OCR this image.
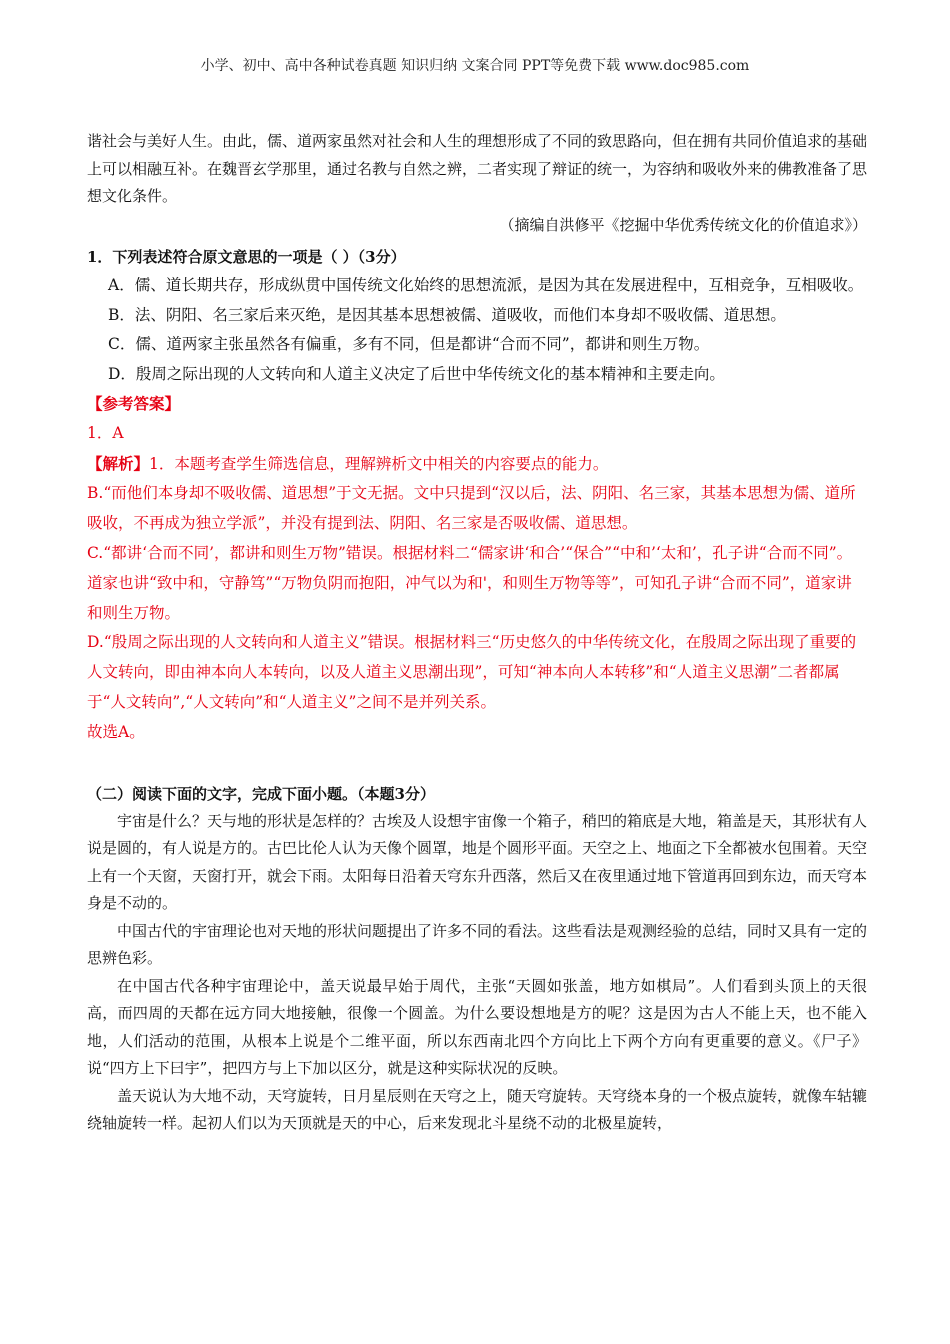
小学、初中、高中各种试卷真题 知识归纳 文案合同 PPT等免费下载 www.doc985.com

谐社会与美好人生。由此，儒、道两家虽然对社会和人生的理想形成了不同的致思路向，但在拥有共同价值追求的基础上可以相融互补。在魏晋玄学那里，通过名教与自然之辨，二者实现了辩证的统一，为容纳和吸收外来的佛教准备了思想文化条件。

（摘编自洪修平《挖掘中华优秀传统文化的价值追求》）

1．下列表述符合原文意思的一项是（ ）（3分）

A．儒、道长期共存，形成纵贯中国传统文化始终的思想流派，是因为其在发展进程中，互相竞争，互相吸收。

B．法、阴阳、名三家后来灭绝，是因其基本思想被儒、道吸收，而他们本身却不吸收儒、道思想。

C．儒、道两家主张虽然各有偏重，多有不同，但是都讲“合而不同”，都讲和则生万物。

D．殷周之际出现的人文转向和人道主义决定了后世中华传统文化的基本精神和主要走向。

【参考答案】

1．A

【解析】1．本题考查学生筛选信息，理解辨析文中相关的内容要点的能力。

B.“而他们本身却不吸收儒、道思想”于文无据。文中只提到“汉以后，法、阴阳、名三家，其基本思想为儒、道所吸收，不再成为独立学派”，并没有提到法、阴阳、名三家是否吸收儒、道思想。

C.“都讲‘合而不同’，都讲和则生万物”错误。根据材料二“儒家讲‘和合’“保合”“中和’‘太和’，孔子讲“合而不同”。道家也讲“致中和，守静笃”“万物负阴而抱阳，冲气以为和'，和则生万物等等”，可知孔子讲“合而不同”，道家讲和则生万物。

D.“殷周之际出现的人文转向和人道主义”错误。根据材料三“历史悠久的中华传统文化，在殷周之际出现了重要的人文转向，即由神本向人本转向，以及人道主义思潮出现”，可知“神本向人本转移”和“人道主义思潮”二者都属于“人文转向”,“人文转向”和“人道主义”之间不是并列关系。

故选A。

（二）阅读下面的文字，完成下面小题。（本题3分）

宇宙是什么？天与地的形状是怎样的？古埃及人设想宇宙像一个箱子，稍凹的箱底是大地，箱盖是天，其形状有人说是圆的，有人说是方的。古巴比伦人认为天像个圆罩，地是个圆形平面。天空之上、地面之下全都被水包围着。天空上有一个天窗，天窗打开，就会下雨。太阳每日沿着天穹东升西落，然后又在夜里通过地下管道再回到东边，而天穹本身是不动的。

中国古代的宇宙理论也对天地的形状问题提出了许多不同的看法。这些看法是观测经验的总结，同时又具有一定的思辨色彩。

在中国古代各种宇宙理论中，盖天说最早始于周代，主张“天圆如张盖，地方如棋局”。人们看到头顶上的天很高，而四周的天都在远方同大地接触，很像一个圆盖。为什么要设想地是方的呢？这是因为古人不能上天，也不能入地，人们活动的范围，从根本上说是个二维平面，所以东西南北四个方向比上下两个方向有更重要的意义。《尸子》说“四方上下曰宇”，把四方与上下加以区分，就是这种实际状况的反映。

盖天说认为大地不动，天穹旋转，日月星辰则在天穹之上，随天穹旋转。天穹绕本身的一个极点旋转，就像车轱辘绕轴旋转一样。起初人们以为天顶就是天的中心，后来发现北斗星绕不动的北极星旋转，
